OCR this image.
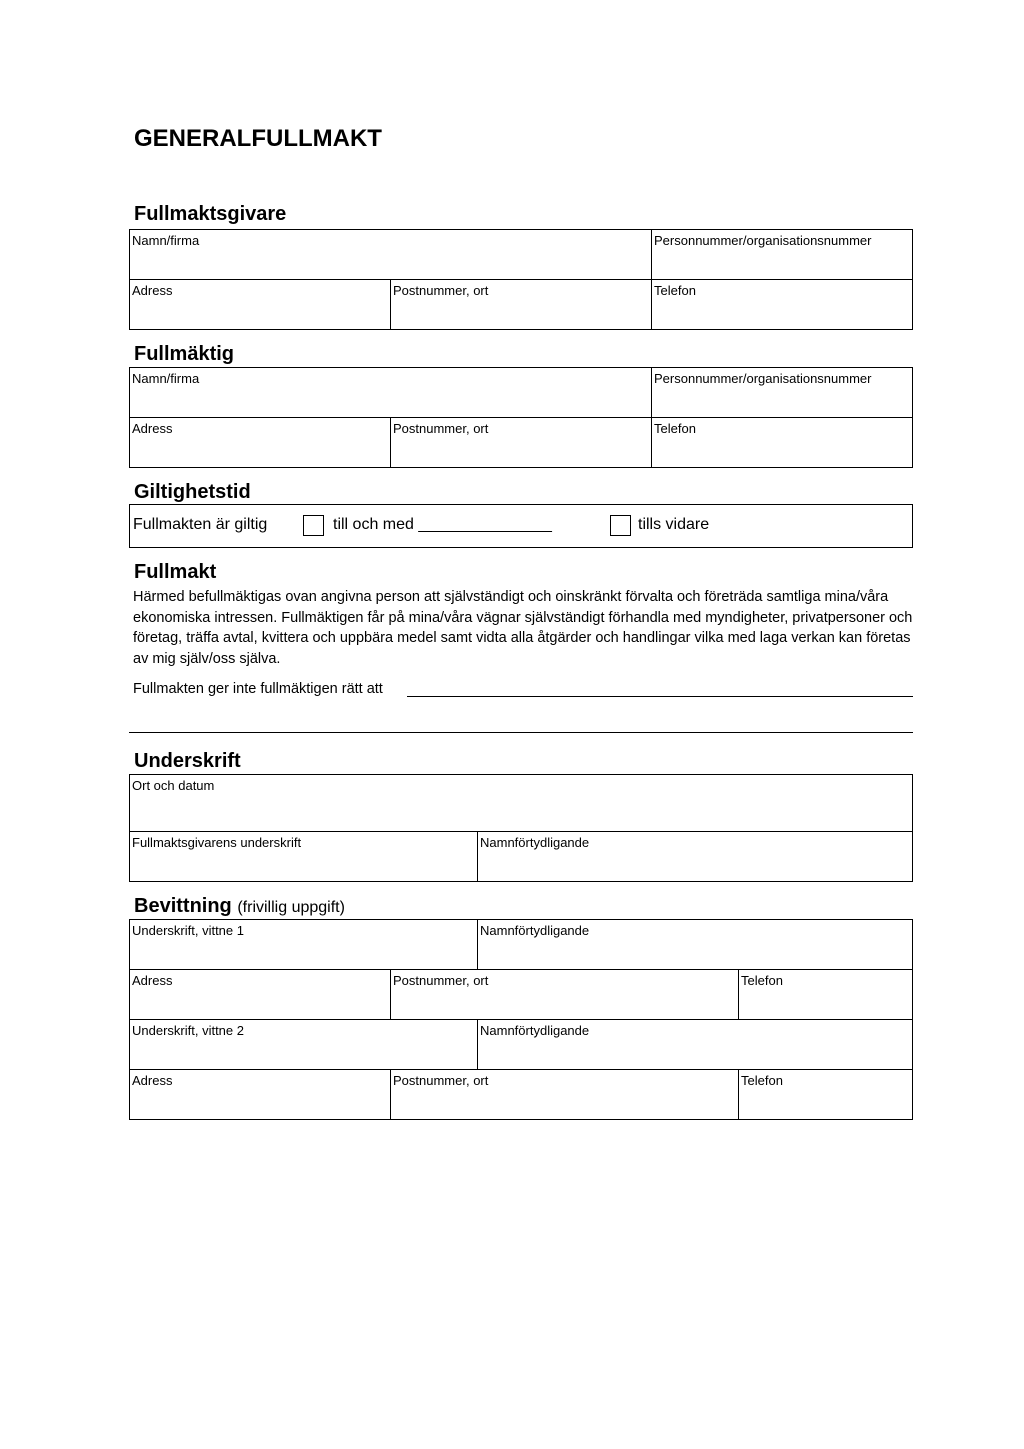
GENERALFULLMAKT
Fullmaktsgivare
Namn/firma	Personnummer/organisationsnummer
Adress	Postnummer, ort	Telefon
Fullmäktig
Namn/firma	Personnummer/organisationsnummer
Adress	Postnummer, ort	Telefon
Giltighetstid
Fullmakten är giltig	till och med _______________	tills vidare
Fullmakt

Härmed befullmäktigas ovan angivna person att självständigt och oinskränkt förvalta och företräda samtliga mina/våra ekonomiska intressen. Fullmäktigen får på mina/våra vägnar självständigt förhandla med myndigheter, privatpersoner och företag, träffa avtal, kvittera och uppbära medel samt vidta alla åtgärder och handlingar vilka med laga verkan kan företas av mig själv/oss själva.

Fullmakten ger inte fullmäktigen rätt att
Underskrift
Ort och datum
Fullmaktsgivarens underskrift	Namnförtydligande
Bevittning (frivillig uppgift)
Underskrift, vittne 1	Namnförtydligande
Adress	Postnummer, ort	Telefon
Underskrift, vittne 2	Namnförtydligande
Adress	Postnummer, ort	Telefon
